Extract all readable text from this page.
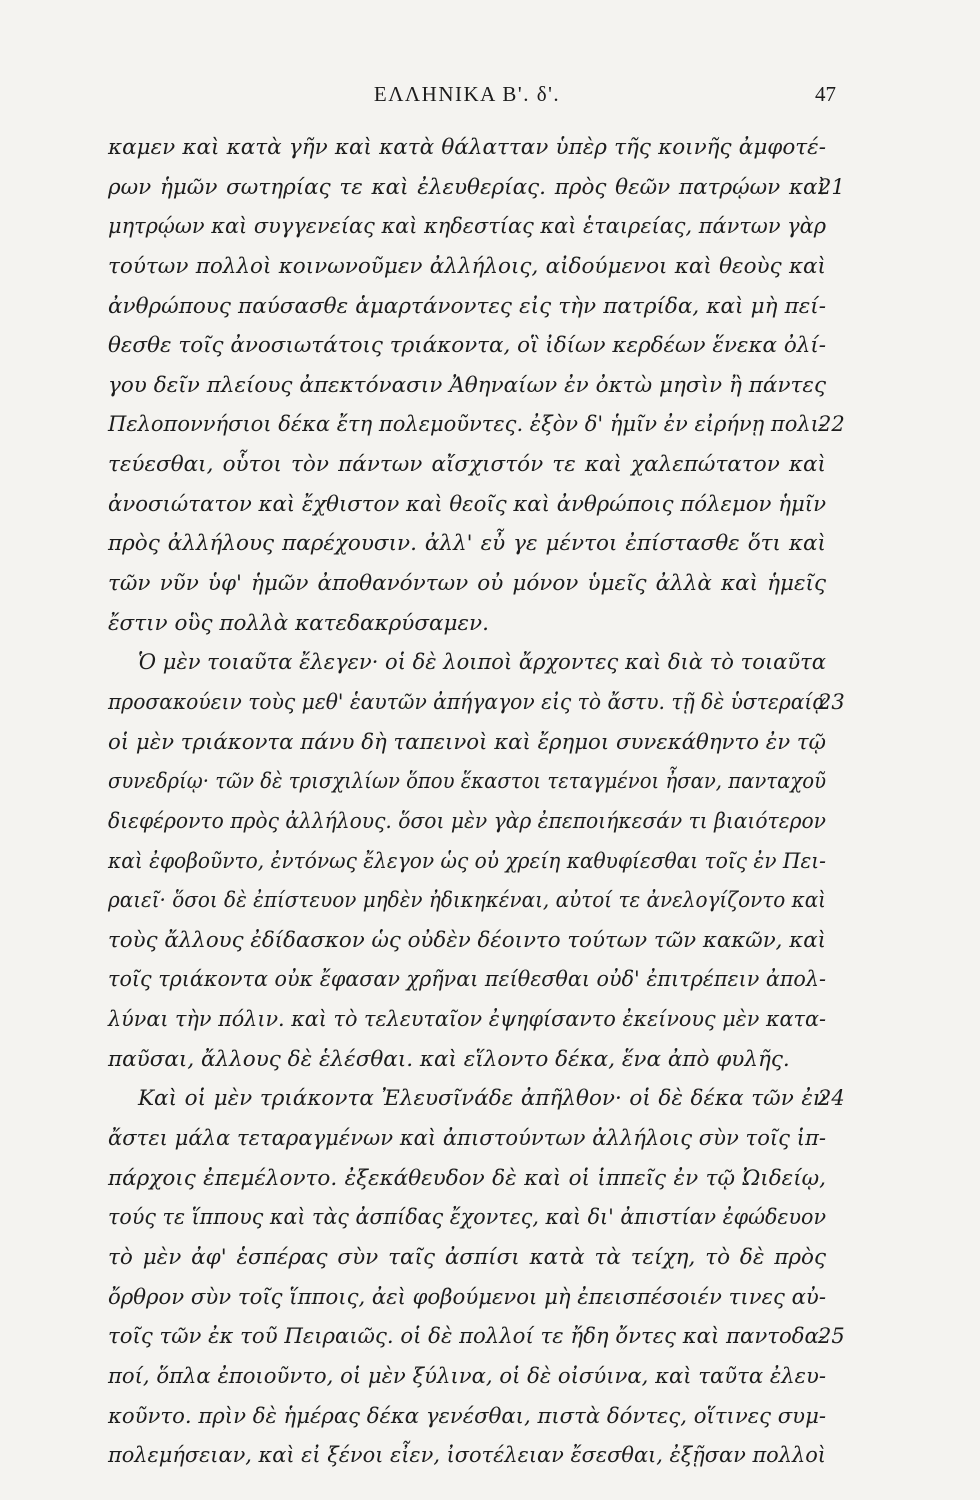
ΕΛΛΗΝΙΚΑ Β'. δ'.	47
καμεν καὶ κατὰ γῆν καὶ κατὰ θάλατταν ὑπὲρ τῆς κοινῆς ἀμφοτέ-
ρων ἡμῶν σωτηρίας τε καὶ ἐλευθερίας. πρὸς θεῶν πατρῴων καὶ
21
μητρῴων καὶ συγγενείας καὶ κηδεστίας καὶ ἑταιρείας, πάντων γὰρ
τούτων πολλοὶ κοινωνοῦμεν ἀλλήλοις, αἰδούμενοι καὶ θεοὺς καὶ
ἀνθρώπους παύσασθε ἁμαρτάνοντες εἰς τὴν πατρίδα, καὶ μὴ πεί-
θεσθε τοῖς ἀνοσιωτάτοις τριάκοντα, οἳ ἰδίων κερδέων ἕνεκα ὀλί-
γου δεῖν πλείους ἀπεκτόνασιν Ἀθηναίων ἐν ὀκτὼ μησὶν ἢ πάντες
Πελοποννήσιοι δέκα ἔτη πολεμοῦντες. ἐξὸν δ' ἡμῖν ἐν εἰρήνῃ πολι-
22
τεύεσθαι, οὗτοι τὸν πάντων αἴσχιστόν τε καὶ χαλεπώτατον καὶ
ἀνοσιώτατον καὶ ἔχθιστον καὶ θεοῖς καὶ ἀνθρώποις πόλεμον ἡμῖν
πρὸς ἀλλήλους παρέχουσιν. ἀλλ' εὖ γε μέντοι ἐπίστασθε ὅτι καὶ
τῶν νῦν ὑφ' ἡμῶν ἀποθανόντων οὐ μόνον ὑμεῖς ἀλλὰ καὶ ἡμεῖς
ἔστιν οὓς πολλὰ κατεδακρύσαμεν.
Ὁ μὲν τοιαῦτα ἔλεγεν· οἱ δὲ λοιποὶ ἄρχοντες καὶ διὰ τὸ τοιαῦτα
προσακούειν τοὺς μεθ' ἑαυτῶν ἀπήγαγον εἰς τὸ ἄστυ. τῇ δὲ ὑστεραίᾳ
23
οἱ μὲν τριάκοντα πάνυ δὴ ταπεινοὶ καὶ ἔρημοι συνεκάθηντο ἐν τῷ
συνεδρίῳ· τῶν δὲ τρισχιλίων ὅπου ἕκαστοι τεταγμένοι ἦσαν, πανταχοῦ
διεφέροντο πρὸς ἀλλήλους. ὅσοι μὲν γὰρ ἐπεποιήκεσάν τι βιαιότερον
καὶ ἐφοβοῦντο, ἐντόνως ἔλεγον ὡς οὐ χρείη καθυφίεσθαι τοῖς ἐν Πει-
ραιεῖ· ὅσοι δὲ ἐπίστευον μηδὲν ἠδικηκέναι, αὐτοί τε ἀνελογίζοντο καὶ
τοὺς ἄλλους ἐδίδασκον ὡς οὐδὲν δέοιντο τούτων τῶν κακῶν, καὶ
τοῖς τριάκοντα οὐκ ἔφασαν χρῆναι πείθεσθαι οὐδ' ἐπιτρέπειν ἀπολ-
λύναι τὴν πόλιν. καὶ τὸ τελευταῖον ἐψηφίσαντο ἐκείνους μὲν κατα-
παῦσαι, ἄλλους δὲ ἑλέσθαι. καὶ εἵλοντο δέκα, ἕνα ἀπὸ φυλῆς.
Καὶ οἱ μὲν τριάκοντα Ἐλευσῖνάδε ἀπῆλθον· οἱ δὲ δέκα τῶν ἐν
24
ἄστει μάλα τεταραγμένων καὶ ἀπιστούντων ἀλλήλοις σὺν τοῖς ἱπ-
πάρχοις ἐπεμέλοντο. ἐξεκάθευδον δὲ καὶ οἱ ἱππεῖς ἐν τῷ Ὠιδείῳ,
τούς τε ἵππους καὶ τὰς ἀσπίδας ἔχοντες, καὶ δι' ἀπιστίαν ἐφώδευον
τὸ μὲν ἀφ' ἑσπέρας σὺν ταῖς ἀσπίσι κατὰ τὰ τείχη, τὸ δὲ πρὸς
ὄρθρον σὺν τοῖς ἵπποις, ἀεὶ φοβούμενοι μὴ ἐπεισπέσοιέν τινες αὐ-
τοῖς τῶν ἐκ τοῦ Πειραιῶς. οἱ δὲ πολλοί τε ἤδη ὄντες καὶ παντοδα-
25
ποί, ὅπλα ἐποιοῦντο, οἱ μὲν ξύλινα, οἱ δὲ οἰσύινα, καὶ ταῦτα ἐλευ-
κοῦντο. πρὶν δὲ ἡμέρας δέκα γενέσθαι, πιστὰ δόντες, οἵτινες συμ-
πολεμήσειαν, καὶ εἰ ξένοι εἶεν, ἰσοτέλειαν ἔσεσθαι, ἐξῇσαν πολλοὶ
